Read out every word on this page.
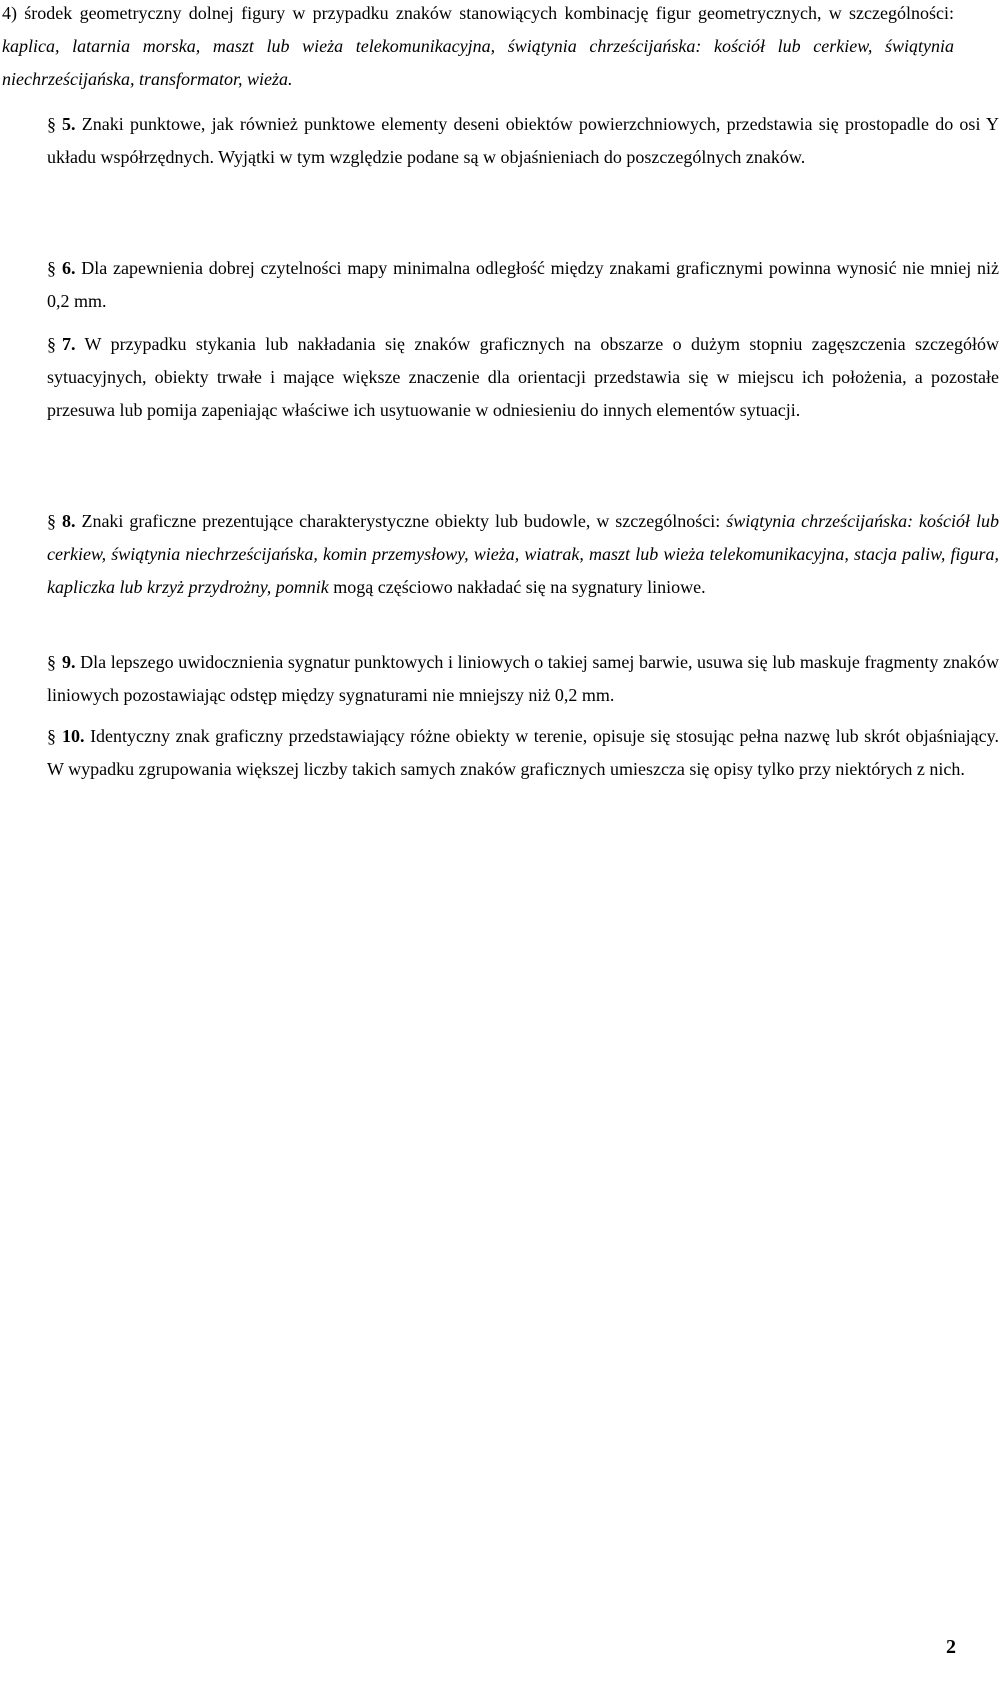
4) środek geometryczny dolnej figury w przypadku znaków stanowiących kombinację figur geometrycznych, w szczególności: kaplica, latarnia morska, maszt lub wieża telekomunikacyjna, świątynia chrześcijańska: kościół lub cerkiew, świątynia niechrześcijańska, transformator, wieża.

§ 5. Znaki punktowe, jak również punktowe elementy deseni obiektów powierzchniowych, przedstawia się prostopadle do osi Y układu współrzędnych. Wyjątki w tym względzie podane są w objaśnieniach do poszczególnych znaków.

§ 6. Dla zapewnienia dobrej czytelności mapy minimalna odległość między znakami graficznymi powinna wynosić nie mniej niż 0,2 mm.

§ 7. W przypadku stykania lub nakładania się znaków graficznych na obszarze o dużym stopniu zagęszczenia szczegółów sytuacyjnych, obiekty trwałe i mające większe znaczenie dla orientacji przedstawia się w miejscu ich położenia, a pozostałe przesuwa lub pomija zapeniając właściwe ich usytuowanie w odniesieniu do innych elementów sytuacji.

§ 8. Znaki graficzne prezentujące charakterystyczne obiekty lub budowle, w szczególności: świątynia chrześcijańska: kościół lub cerkiew, świątynia niechrześcijańska, komin przemysłowy, wieża, wiatrak, maszt lub wieża telekomunikacyjna, stacja paliw, figura, kapliczka lub krzyż przydrożny, pomnik mogą częściowo nakładać się na sygnatury liniowe.

§ 9. Dla lepszego uwidocznienia sygnatur punktowych i liniowych o takiej samej barwie, usuwa się lub maskuje fragmenty znaków liniowych pozostawiając odstęp między sygnaturami nie mniejszy niż 0,2 mm.

§ 10. Identyczny znak graficzny przedstawiający różne obiekty w terenie, opisuje się stosując pełna nazwę lub skrót objaśniający. W wypadku zgrupowania większej liczby takich samych znaków graficznych umieszcza się opisy tylko przy niektórych z nich.

2
